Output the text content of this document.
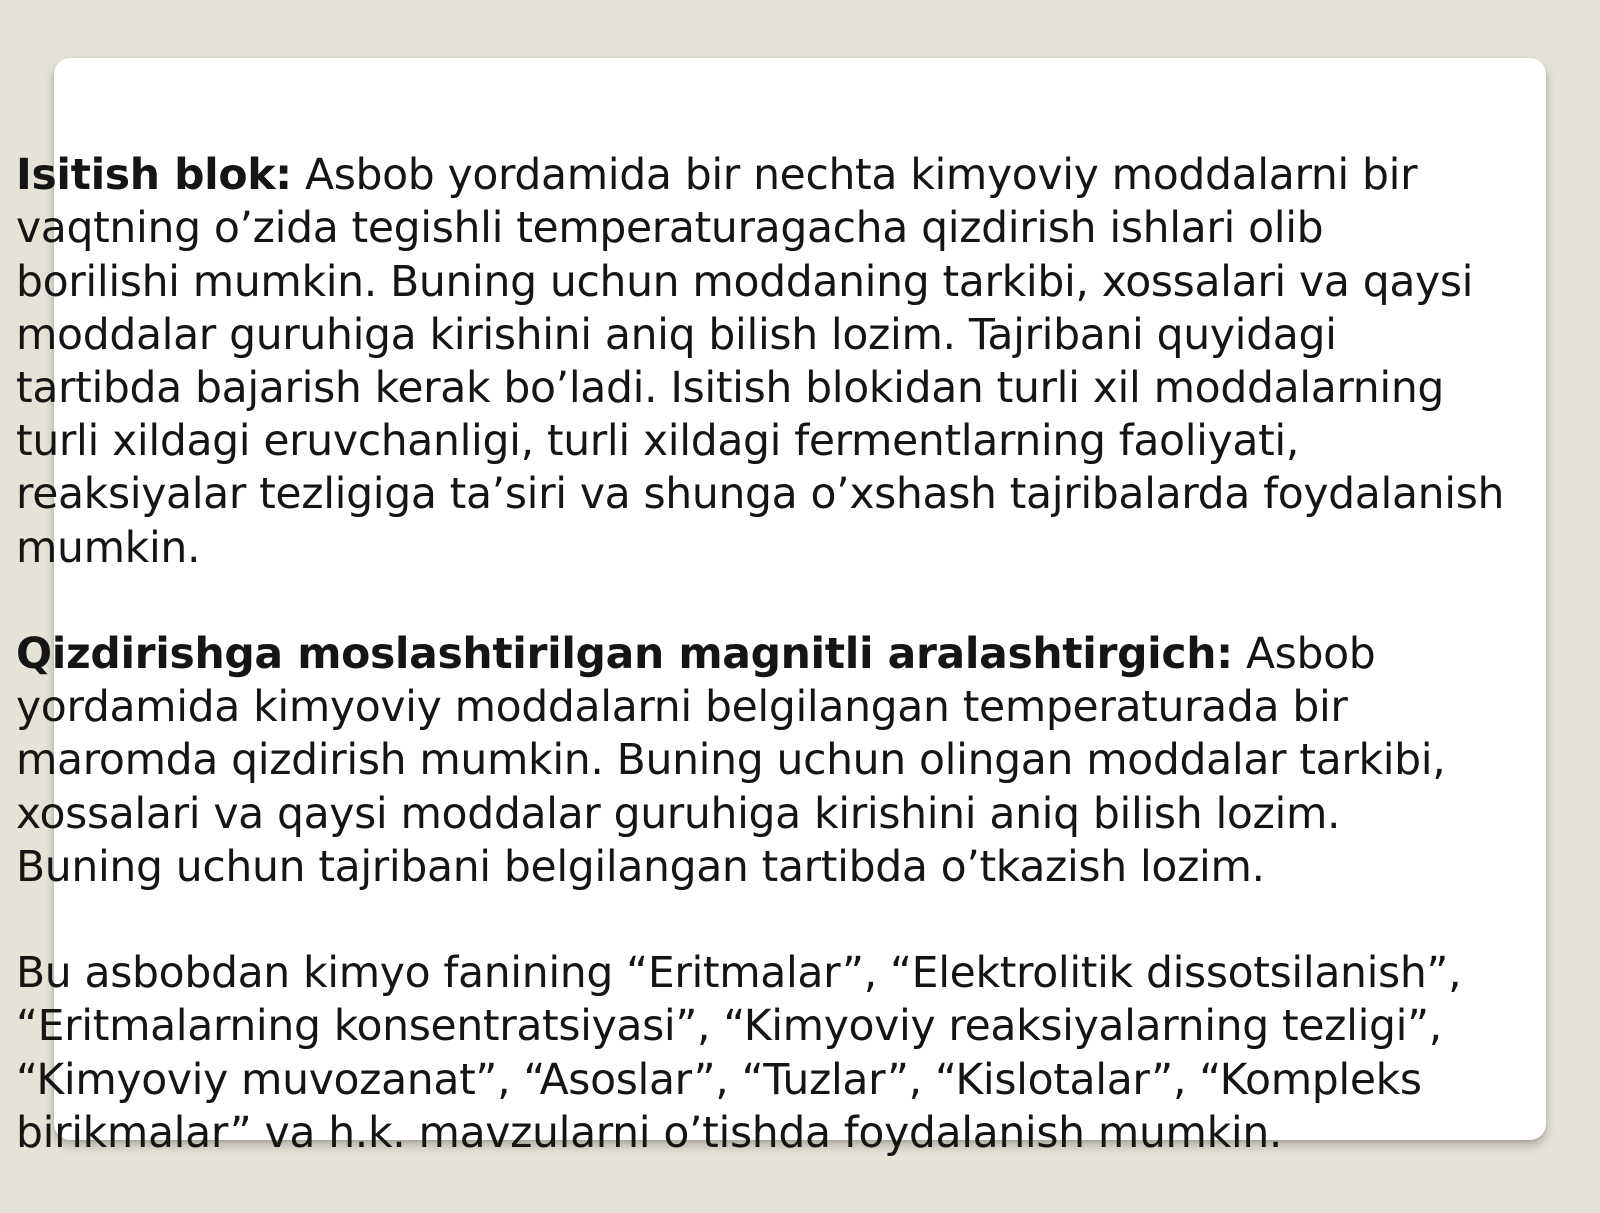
Isitish blok: Asbob yordamida bir nechta kimyoviy moddalarni bir
vaqtning o’zida tegishli temperaturagacha qizdirish ishlari olib
borilishi mumkin. Buning uchun moddaning tarkibi, xossalari va qaysi
moddalar guruhiga kirishini aniq bilish lozim. Tajribani quyidagi
tartibda bajarish kerak bo’ladi. Isitish blokidan turli xil moddalarning
turli xildagi eruvchanligi, turli xildagi fermentlarning faoliyati,
reaksiyalar tezligiga ta’siri va shunga o’xshash tajribalarda foydalanish
mumkin.

Qizdirishga moslashtirilgan magnitli aralashtirgich: Asbob
yordamida kimyoviy moddalarni belgilangan temperaturada bir
maromda qizdirish mumkin. Buning uchun olingan moddalar tarkibi,
xossalari va qaysi moddalar guruhiga kirishini aniq bilish lozim.
Buning uchun tajribani belgilangan tartibda o’tkazish lozim.

Bu asbobdan kimyo fanining “Eritmalar”, “Elektrolitik dissotsilanish”,
“Eritmalarning konsentratsiyasi”, “Kimyoviy reaksiyalarning tezligi”,
“Kimyoviy muvozanat”, “Asoslar”, “Tuzlar”, “Kislotalar”, “Kompleks
birikmalar” va h.k. mavzularni o’tishda foydalanish mumkin.
